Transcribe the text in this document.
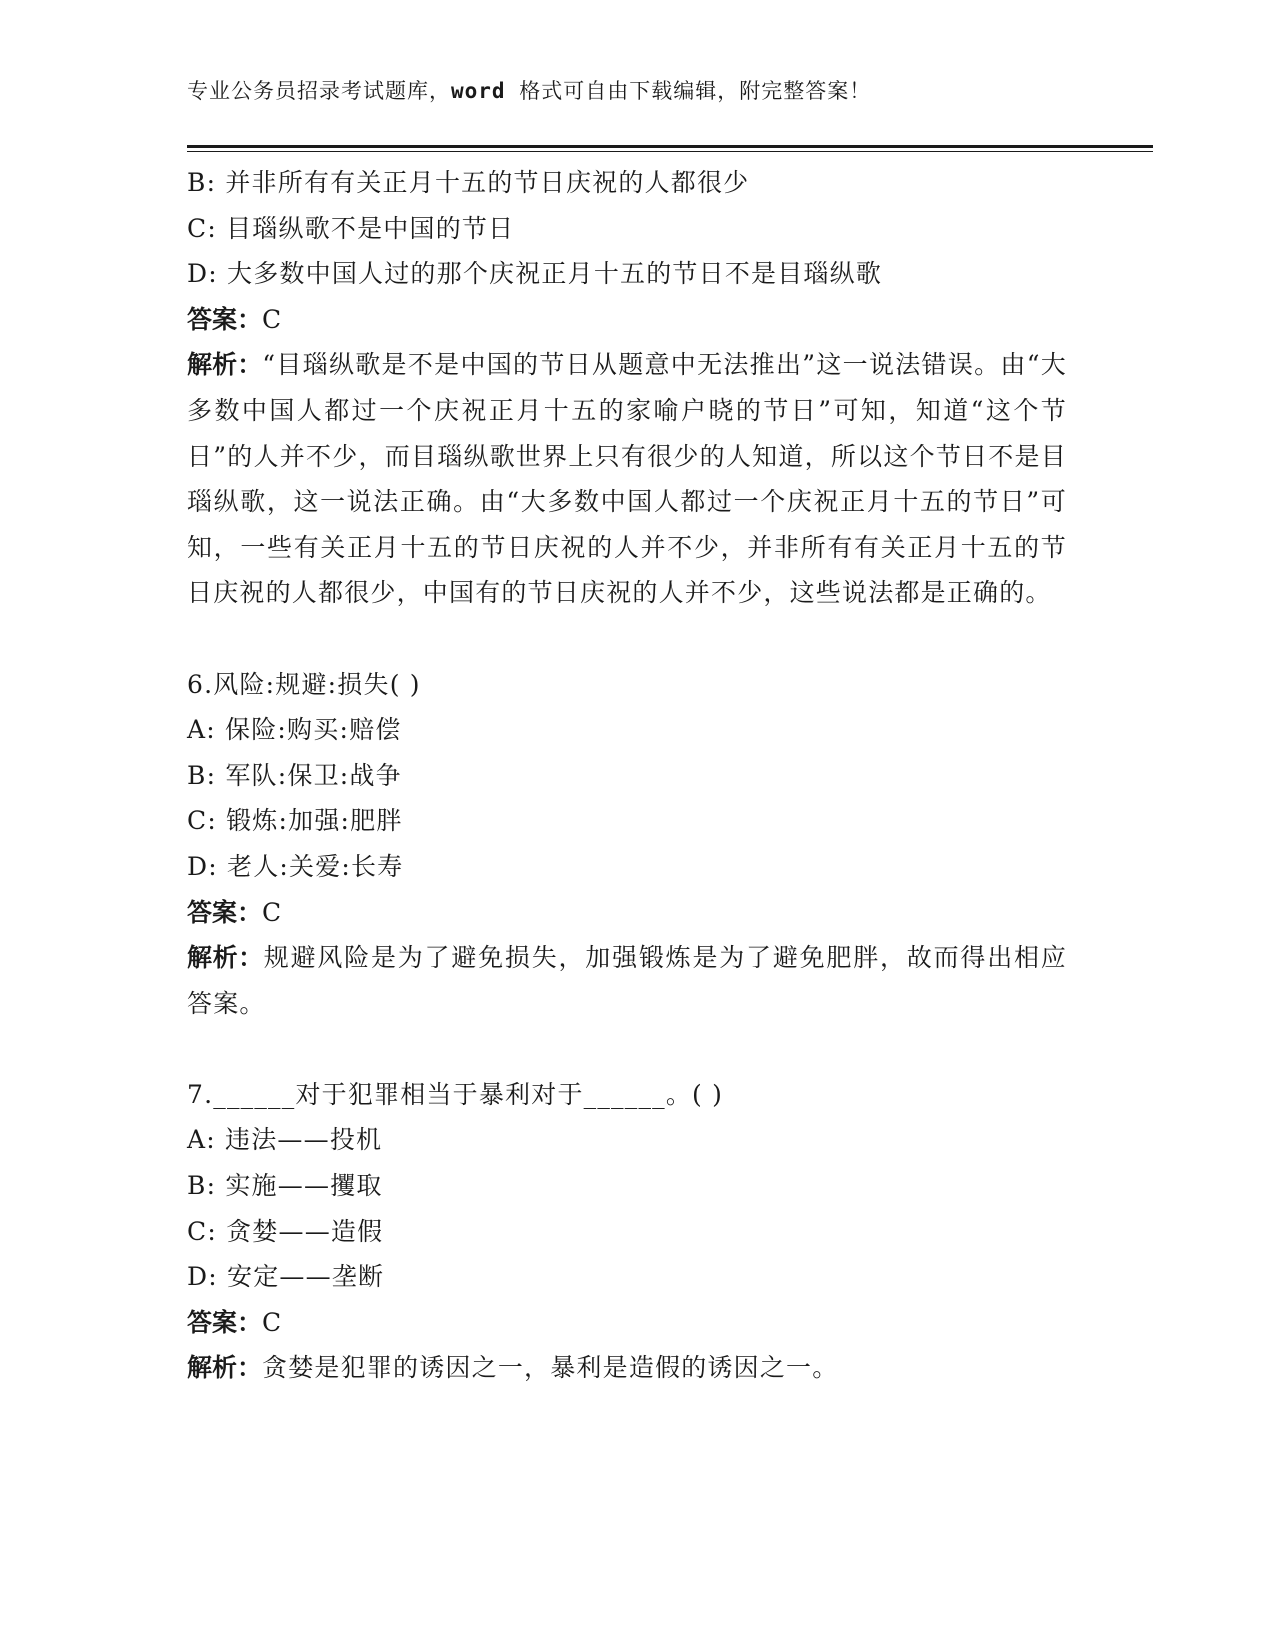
专业公务员招录考试题库，word 格式可自由下载编辑，附完整答案！
B: 并非所有有关正月十五的节日庆祝的人都很少
C: 目瑙纵歌不是中国的节日
D: 大多数中国人过的那个庆祝正月十五的节日不是目瑙纵歌
答案：C

解析：“目瑙纵歌是不是中国的节日从题意中无法推出”这一说法错误。由“大多数中国人都过一个庆祝正月十五的家喻户晓的节日”可知，知道“这个节日”的人并不少，而目瑙纵歌世界上只有很少的人知道，所以这个节日不是目瑙纵歌，这一说法正确。由“大多数中国人都过一个庆祝正月十五的节日”可知，一些有关正月十五的节日庆祝的人并不少，并非所有有关正月十五的节日庆祝的人都很少，中国有的节日庆祝的人并不少，这些说法都是正确的。

6.风险:规避:损失( )
A: 保险:购买:赔偿
B: 军队:保卫:战争
C: 锻炼:加强:肥胖
D: 老人:关爱:长寿
答案：C

解析：规避风险是为了避免损失，加强锻炼是为了避免肥胖，故而得出相应答案。

7.______对于犯罪相当于暴利对于______。( )
A: 违法——投机
B: 实施——攫取
C: 贪婪——造假
D: 安定——垄断
答案：C

解析：贪婪是犯罪的诱因之一，暴利是造假的诱因之一。
